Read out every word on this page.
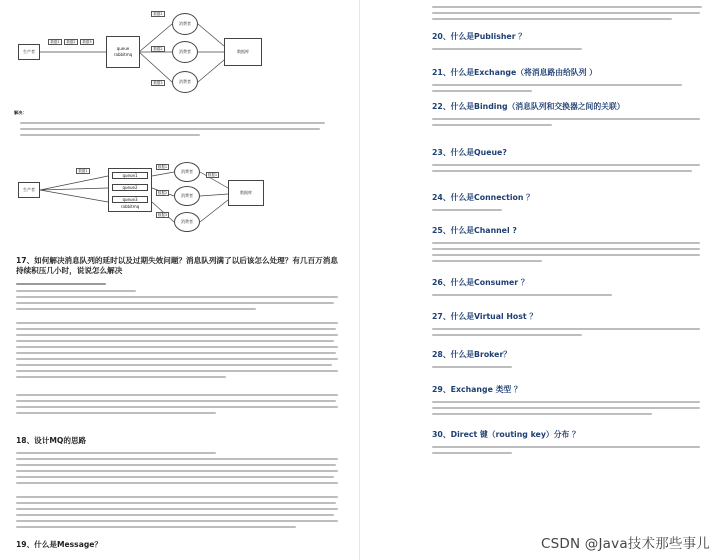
生产者
数据1	数据2	数据3
queue
rabbitmq
消费者
消费者
消费者
数据1
数据2
数据3
数据库
解决：
生产者
数据1
rabbitmq
queue1
queue2
queue3
数据1
数据2
数据3
消费者
消费者
消费者
数据1
数据库
17、如何解决消息队列的延时以及过期失效问题？消息队列满了以后该怎么处理？有几百万消息持续积压几小时，说说怎么解决
18、设计MQ的思路
19、什么是Message？
20、什么是Publisher ？
21、什么是Exchange（将消息路由给队列 ）
22、什么是Binding（消息队列和交换器之间的关联）
23、什么是Queue?
24、什么是Connection ？
25、什么是Channel ?
26、什么是Consumer ？
27、什么是Virtual Host ？
28、什么是Broker？
29、Exchange 类型 ？
30、Direct 键（routing key）分布 ？
CSDN @Java技术那些事儿
